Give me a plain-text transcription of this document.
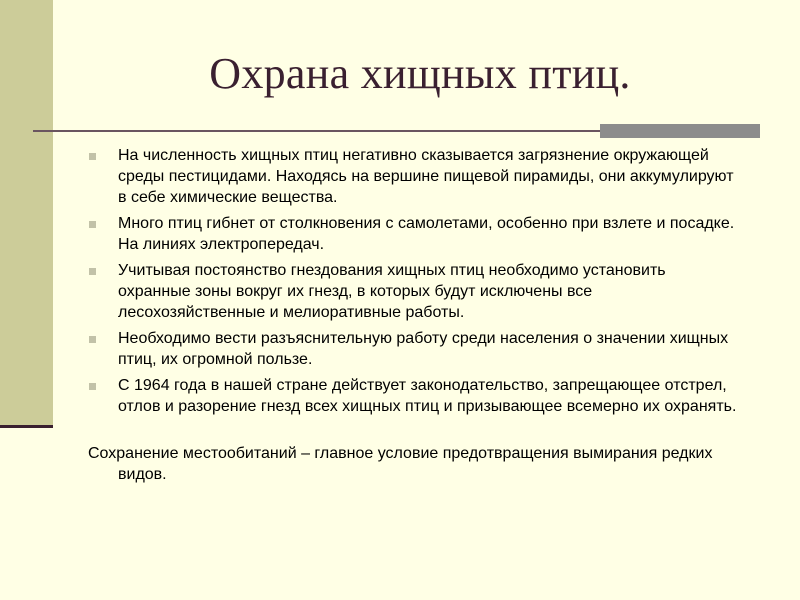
Охрана хищных птиц.
На численность хищных птиц негативно сказывается загрязнение окружающей среды пестицидами. Находясь на вершине пищевой пирамиды, они аккумулируют в себе химические вещества.
Много птиц гибнет от столкновения с самолетами, особенно при взлете и посадке. На линиях электропередач.
Учитывая постоянство гнездования хищных птиц необходимо установить охранные зоны вокруг их гнезд, в которых будут исключены все лесохозяйственные и мелиоративные работы.
Необходимо вести разъяснительную работу среди населения о значении хищных птиц, их огромной пользе.
С 1964 года в нашей стране действует законодательство, запрещающее отстрел, отлов и разорение гнезд всех хищных птиц и призывающее всемерно их охранять.
Сохранение местообитаний – главное условие предотвращения вымирания редких видов.
